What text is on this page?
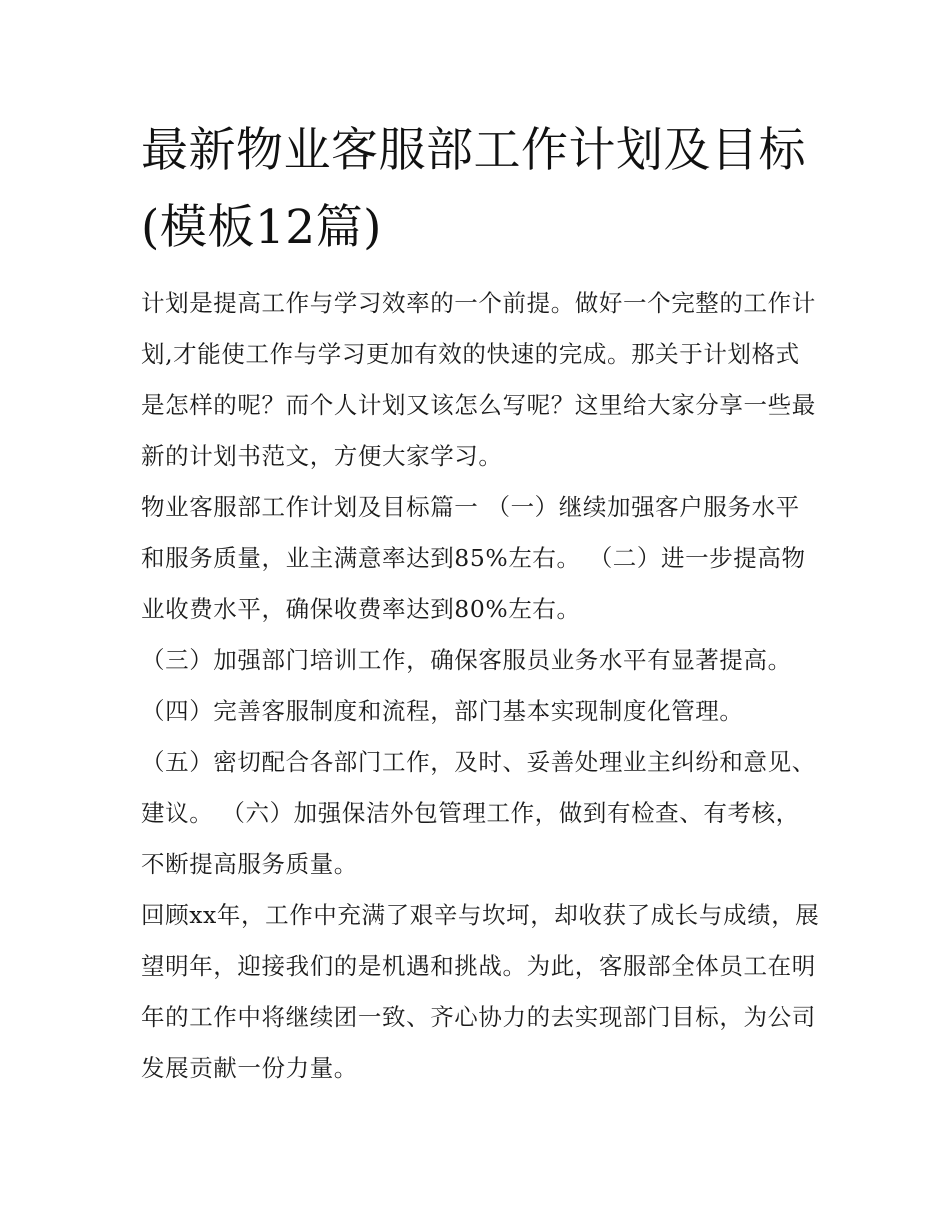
最新物业客服部工作计划及目标(模板12篇)

计划是提高工作与学习效率的一个前提。做好一个完整的工作计划,才能使工作与学习更加有效的快速的完成。那关于计划格式是怎样的呢？而个人计划又该怎么写呢？这里给大家分享一些最新的计划书范文，方便大家学习。

物业客服部工作计划及目标篇一 （一）继续加强客户服务水平和服务质量，业主满意率达到85%左右。 （二）进一步提高物业收费水平，确保收费率达到80%左右。

（三）加强部门培训工作，确保客服员业务水平有显著提高。

（四）完善客服制度和流程，部门基本实现制度化管理。

（五）密切配合各部门工作，及时、妥善处理业主纠纷和意见、建议。 （六）加强保洁外包管理工作，做到有检查、有考核，不断提高服务质量。

回顾xx年，工作中充满了艰辛与坎坷，却收获了成长与成绩，展望明年，迎接我们的是机遇和挑战。为此，客服部全体员工在明年的工作中将继续团一致、齐心协力的去实现部门目标，为公司发展贡献一份力量。
